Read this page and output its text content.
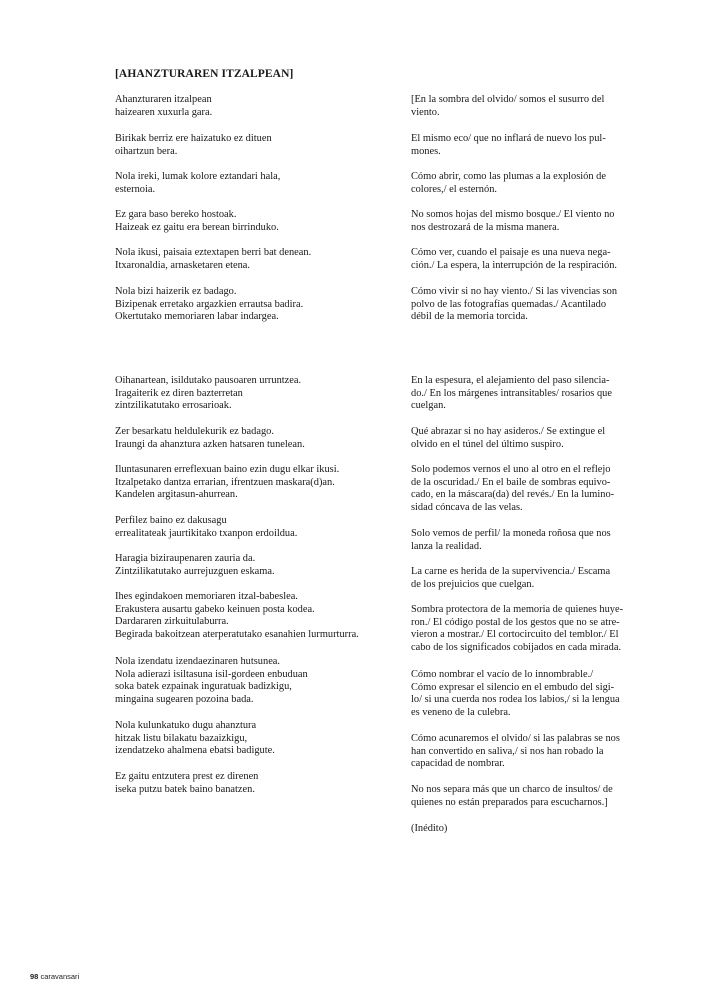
[AHANZTURAREN ITZALPEAN]
Ahanzturaren itzalpean
haizearen xuxurla gara.
Birikak berriz ere haizatuko ez dituen
oihartzun bera.
Nola ireki, lumak kolore eztandari hala,
esternoia.
Ez gara baso bereko hostoak.
Haizeak ez gaitu era berean birrinduko.
Nola ikusi, paisaia eztextapen berri bat denean.
Itxaronaldia, arnasketaren etena.
Nola bizi haizerik ez badago.
Bizipenak erretako argazkien errautsa badira.
Okertutako memoriaren labar indargea.
Oihanartean, isildutako pausoaren urruntzea.
Iragaiterik ez diren bazterretan
zintzilikatutako errosarioak.
Zer besarkatu heldulekurik ez badago.
Iraungi da ahanztura azken hatsaren tunelean.
Iluntasunaren erreflexuan baino ezin dugu elkar ikusi.
Itzalpetako dantza errarian, ifrentzuen maskara(d)an.
Kandelen argitasun-ahurrean.
Perfilez baino ez dakusagu
errealitateak jaurtikitako txanpon erdoildua.
Haragia biziraupenaren zauria da.
Zintzilikatutako aurrejuzguen eskama.
Ihes egindakoen memoriaren itzal-babeslea.
Erakustera ausartu gabeko keinuen posta kodea.
Dardararen zirkuitulaburra.
Begirada bakoitzean aterperatutako esanahien lurmurturra.
Nola izendatu izendaezinaren hutsunea.
Nola adierazi isiltasuna isil-gordeen enbuduan
soka batek ezpainak inguratuak badizkigu,
mingaina sugearen pozoina bada.
Nola kulunkatuko dugu ahanztura
hitzak listu bilakatu bazaizkigu,
izendatzeko ahalmena ebatsi badigute.
Ez gaitu entzutera prest ez direnen
iseka putzu batek baino banatzen.
[En la sombra del olvido/ somos el susurro del
viento.
El mismo eco/ que no inflará de nuevo los pul-
mones.
Cómo abrir, como las plumas a la explosión de
colores,/ el esternón.
No somos hojas del mismo bosque./ El viento no
nos destrozará de la misma manera.
Cómo ver, cuando el paisaje es una nueva nega-
ción./ La espera, la interrupción de la respiración.
Cómo vivir si no hay viento./ Si las vivencias son
polvo de las fotografías quemadas./ Acantilado
débil de la memoria torcida.
En la espesura, el alejamiento del paso silencia-
do./ En los márgenes intransitables/ rosarios que
cuelgan.
Qué abrazar si no hay asideros./ Se extingue el
olvido en el túnel del último suspiro.
Solo podemos vernos el uno al otro en el reflejo
de la oscuridad./ En el baile de sombras equivo-
cado, en la máscara(da) del revés./ En la lumino-
sidad cóncava de las velas.
Solo vemos de perfil/ la moneda roñosa que nos
lanza la realidad.
La carne es herida de la supervivencia./ Escama
de los prejuicios que cuelgan.
Sombra protectora de la memoria de quienes huye-
ron./ El código postal de los gestos que no se atre-
vieron a mostrar./ El cortocircuito del temblor./ El
cabo de los significados cobijados en cada mirada.
Cómo nombrar el vacío de lo innombrable./
Cómo expresar el silencio en el embudo del sigi-
lo/ si una cuerda nos rodea los labios,/ si la lengua
es veneno de la culebra.
Cómo acunaremos el olvido/ si las palabras se nos
han convertido en saliva,/ si nos han robado la
capacidad de nombrar.
No nos separa más que un charco de insultos/ de
quienes no están preparados para escucharnos.]
(Inédito)
98 caravansari
